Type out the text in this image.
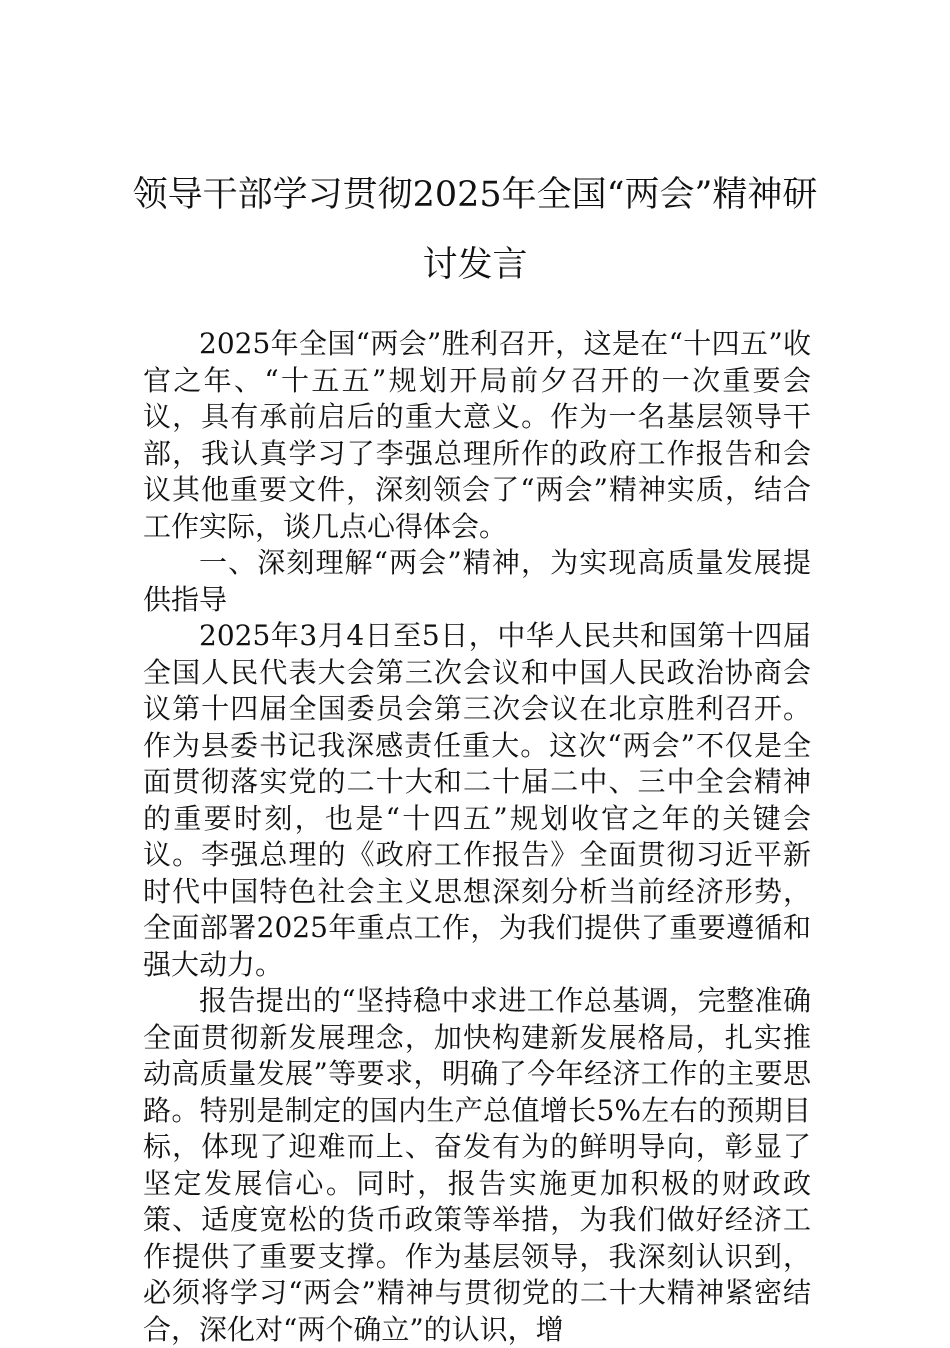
领导干部学习贯彻2025年全国“两会”精神研讨发言

2025年全国“两会”胜利召开，这是在“十四五”收官之年、“十五五”规划开局前夕召开的一次重要会议，具有承前启后的重大意义。作为一名基层领导干部，我认真学习了李强总理所作的政府工作报告和会议其他重要文件，深刻领会了“两会”精神实质，结合工作实际，谈几点心得体会。

一、深刻理解“两会”精神，为实现高质量发展提供指导

2025年3月4日至5日，中华人民共和国第十四届全国人民代表大会第三次会议和中国人民政治协商会议第十四届全国委员会第三次会议在北京胜利召开。作为县委书记我深感责任重大。这次“两会”不仅是全面贯彻落实党的二十大和二十届二中、三中全会精神的重要时刻，也是“十四五”规划收官之年的关键会议。李强总理的《政府工作报告》全面贯彻习近平新时代中国特色社会主义思想深刻分析当前经济形势，全面部署2025年重点工作，为我们提供了重要遵循和强大动力。

报告提出的“坚持稳中求进工作总基调，完整准确全面贯彻新发展理念，加快构建新发展格局，扎实推动高质量发展”等要求，明确了今年经济工作的主要思路。特别是制定的国内生产总值增长5%左右的预期目标，体现了迎难而上、奋发有为的鲜明导向，彰显了坚定发展信心。同时，报告实施更加积极的财政政策、适度宽松的货币政策等举措，为我们做好经济工作提供了重要支撑。作为基层领导，我深刻认识到，必须将学习“两会”精神与贯彻党的二十大精神紧密结合，深化对“两个确立”的认识，增
